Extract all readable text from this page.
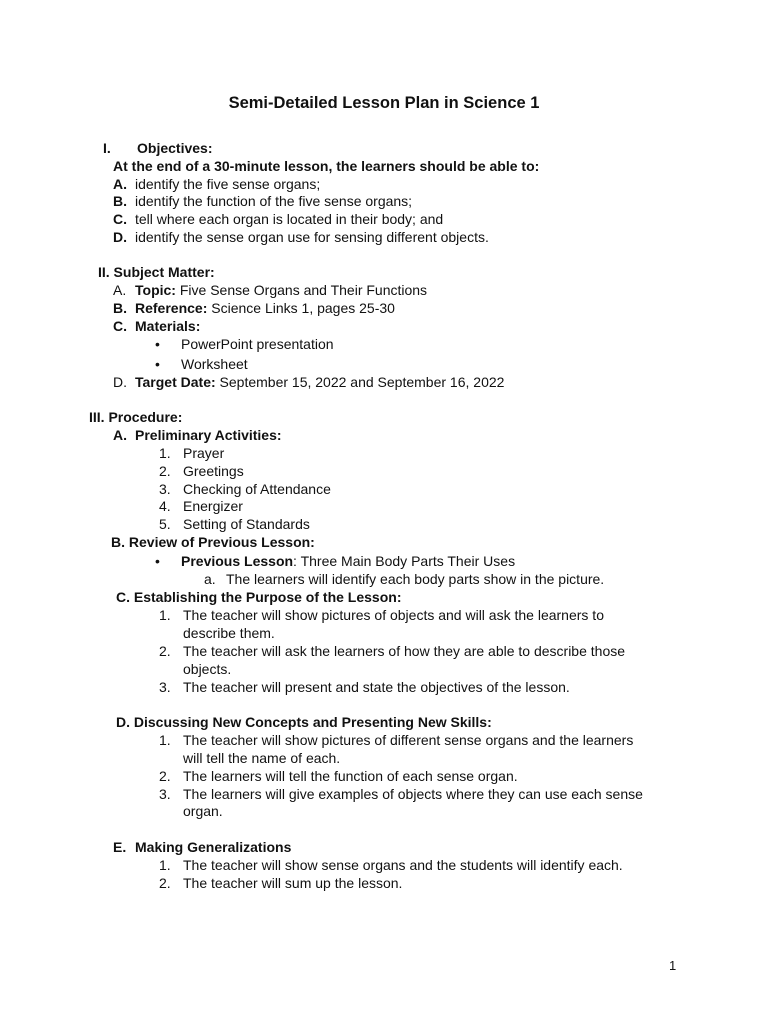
Semi-Detailed Lesson Plan in Science 1
I. Objectives:
At the end of a 30-minute lesson, the learners should be able to:
A. identify the five sense organs;
B. identify the function of the five sense organs;
C. tell where each organ is located in their body; and
D. identify the sense organ use for sensing different objects.
II. Subject Matter:
A. Topic: Five Sense Organs and Their Functions
B. Reference: Science Links 1, pages 25-30
C. Materials:
• PowerPoint presentation
• Worksheet
D. Target Date: September 15, 2022 and September 16, 2022
III. Procedure:
A. Preliminary Activities:
1. Prayer
2. Greetings
3. Checking of Attendance
4. Energizer
5. Setting of Standards
B. Review of Previous Lesson:
• Previous Lesson: Three Main Body Parts Their Uses
a. The learners will identify each body parts show in the picture.
C. Establishing the Purpose of the Lesson:
1. The teacher will show pictures of objects and will ask the learners to
describe them.
2. The teacher will ask the learners of how they are able to describe those
objects.
3. The teacher will present and state the objectives of the lesson.
D. Discussing New Concepts and Presenting New Skills:
1. The teacher will show pictures of different sense organs and the learners
will tell the name of each.
2. The learners will tell the function of each sense organ.
3. The learners will give examples of objects where they can use each sense
organ.
E. Making Generalizations
1. The teacher will show sense organs and the students will identify each.
2. The teacher will sum up the lesson.
1
